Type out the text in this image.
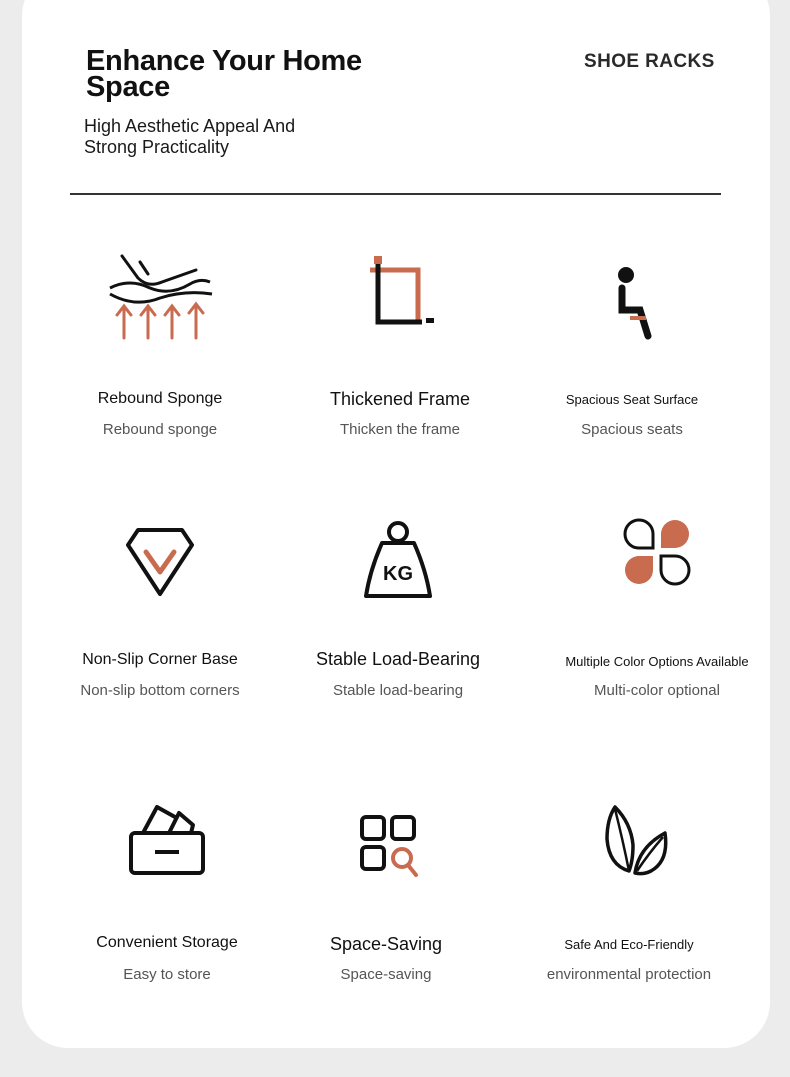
Enhance Your Home Space
High Aesthetic Appeal And Strong Practicality
SHOE RACKS
Rebound Sponge
Rebound sponge
Thickened Frame
Thicken the frame
Spacious Seat Surface
Spacious seats
Non-Slip Corner Base
Non-slip bottom corners
KG
Stable Load-Bearing
Stable load-bearing
Multiple Color Options Available
Multi-color optional
Convenient Storage
Easy to store
Space-Saving
Space-saving
Safe And Eco-Friendly
environmental protection
